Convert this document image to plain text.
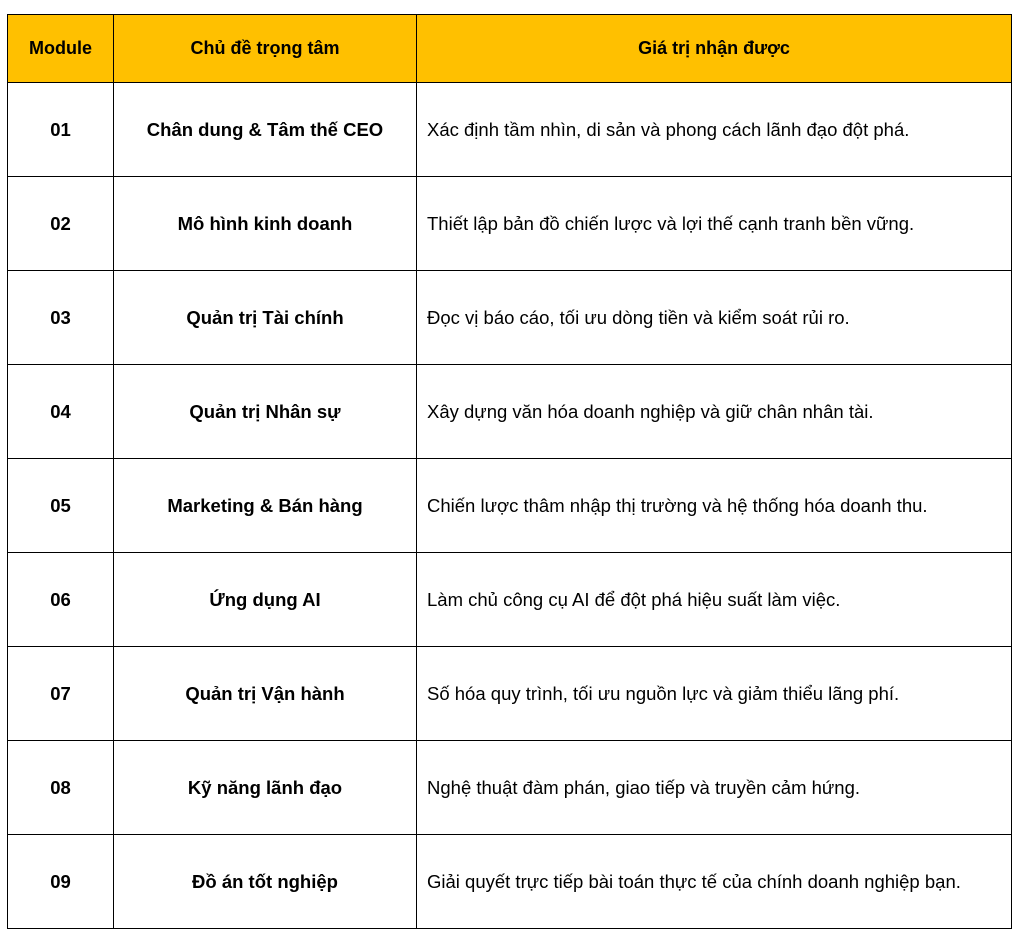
Module	Chủ đề trọng tâm	Giá trị nhận được
01	Chân dung & Tâm thế CEO	Xác định tầm nhìn, di sản và phong cách lãnh đạo đột phá.
02	Mô hình kinh doanh	Thiết lập bản đồ chiến lược và lợi thế cạnh tranh bền vững.
03	Quản trị Tài chính	Đọc vị báo cáo, tối ưu dòng tiền và kiểm soát rủi ro.
04	Quản trị Nhân sự	Xây dựng văn hóa doanh nghiệp và giữ chân nhân tài.
05	Marketing & Bán hàng	Chiến lược thâm nhập thị trường và hệ thống hóa doanh thu.
06	Ứng dụng AI	Làm chủ công cụ AI để đột phá hiệu suất làm việc.
07	Quản trị Vận hành	Số hóa quy trình, tối ưu nguồn lực và giảm thiểu lãng phí.
08	Kỹ năng lãnh đạo	Nghệ thuật đàm phán, giao tiếp và truyền cảm hứng.
09	Đồ án tốt nghiệp	Giải quyết trực tiếp bài toán thực tế của chính doanh nghiệp bạn.
